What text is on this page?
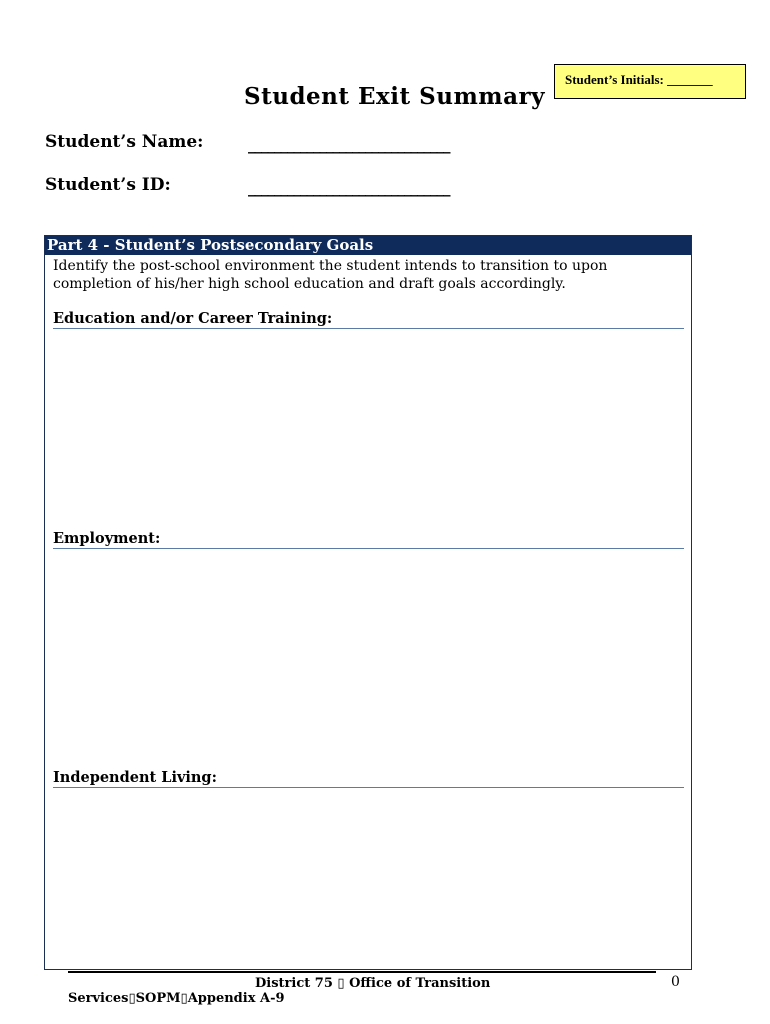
Student’s Initials: _______
Student Exit Summary
Student’s Name:	_______________________________
Student’s ID:	_______________________________
Part 4 - Student’s Postsecondary Goals
Identify the post-school environment the student intends to transition to upon completion of his/her high school education and draft goals accordingly.
Education and/or Career Training:
Employment:
Independent Living:
District 75 ▯ Office of Transition
Services▯SOPM▯Appendix A-9
0
